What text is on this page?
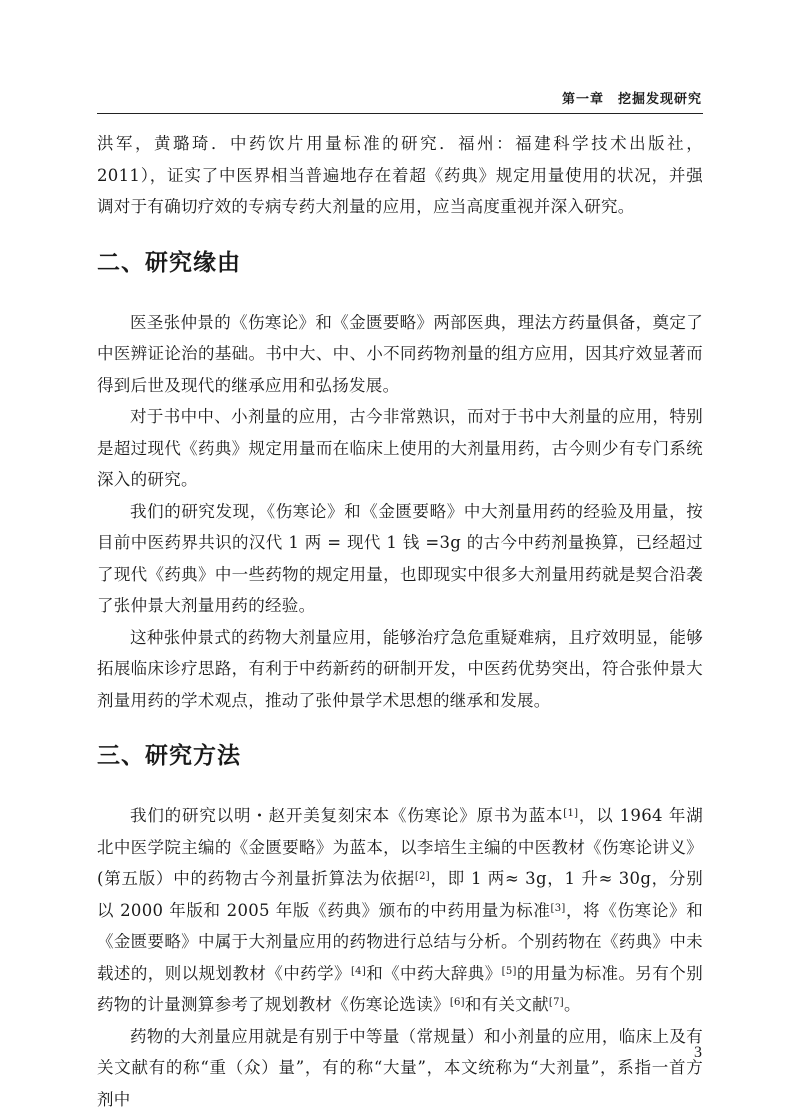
第一章　挖掘发现研究

洪军，黄璐琦．中药饮片用量标准的研究．福州：福建科学技术出版社，2011），证实了中医界相当普遍地存在着超《药典》规定用量使用的状况，并强调对于有确切疗效的专病专药大剂量的应用，应当高度重视并深入研究。

二、研究缘由

医圣张仲景的《伤寒论》和《金匮要略》两部医典，理法方药量俱备，奠定了中医辨证论治的基础。书中大、中、小不同药物剂量的组方应用，因其疗效显著而得到后世及现代的继承应用和弘扬发展。

对于书中中、小剂量的应用，古今非常熟识，而对于书中大剂量的应用，特别是超过现代《药典》规定用量而在临床上使用的大剂量用药，古今则少有专门系统深入的研究。

我们的研究发现，《伤寒论》和《金匮要略》中大剂量用药的经验及用量，按目前中医药界共识的汉代 1 两 = 现代 1 钱 =3g 的古今中药剂量换算，已经超过了现代《药典》中一些药物的规定用量，也即现实中很多大剂量用药就是契合沿袭了张仲景大剂量用药的经验。

这种张仲景式的药物大剂量应用，能够治疗急危重疑难病，且疗效明显，能够拓展临床诊疗思路，有利于中药新药的研制开发，中医药优势突出，符合张仲景大剂量用药的学术观点，推动了张仲景学术思想的继承和发展。

三、研究方法

我们的研究以明・赵开美复刻宋本《伤寒论》原书为蓝本[1]，以 1964 年湖北中医学院主编的《金匮要略》为蓝本，以李培生主编的中医教材《伤寒论讲义》(第五版）中的药物古今剂量折算法为依据[2]，即 1 两≈ 3g，1 升≈ 30g，分别以 2000 年版和 2005 年版《药典》颁布的中药用量为标准[3]，将《伤寒论》和《金匮要略》中属于大剂量应用的药物进行总结与分析。个别药物在《药典》中未载述的，则以规划教材《中药学》[4]和《中药大辞典》[5]的用量为标准。另有个别药物的计量测算参考了规划教材《伤寒论选读》[6]和有关文献[7]。

药物的大剂量应用就是有别于中等量（常规量）和小剂量的应用，临床上及有关文献有的称“重（众）量”，有的称“大量”，本文统称为“大剂量”，系指一首方剂中

3
